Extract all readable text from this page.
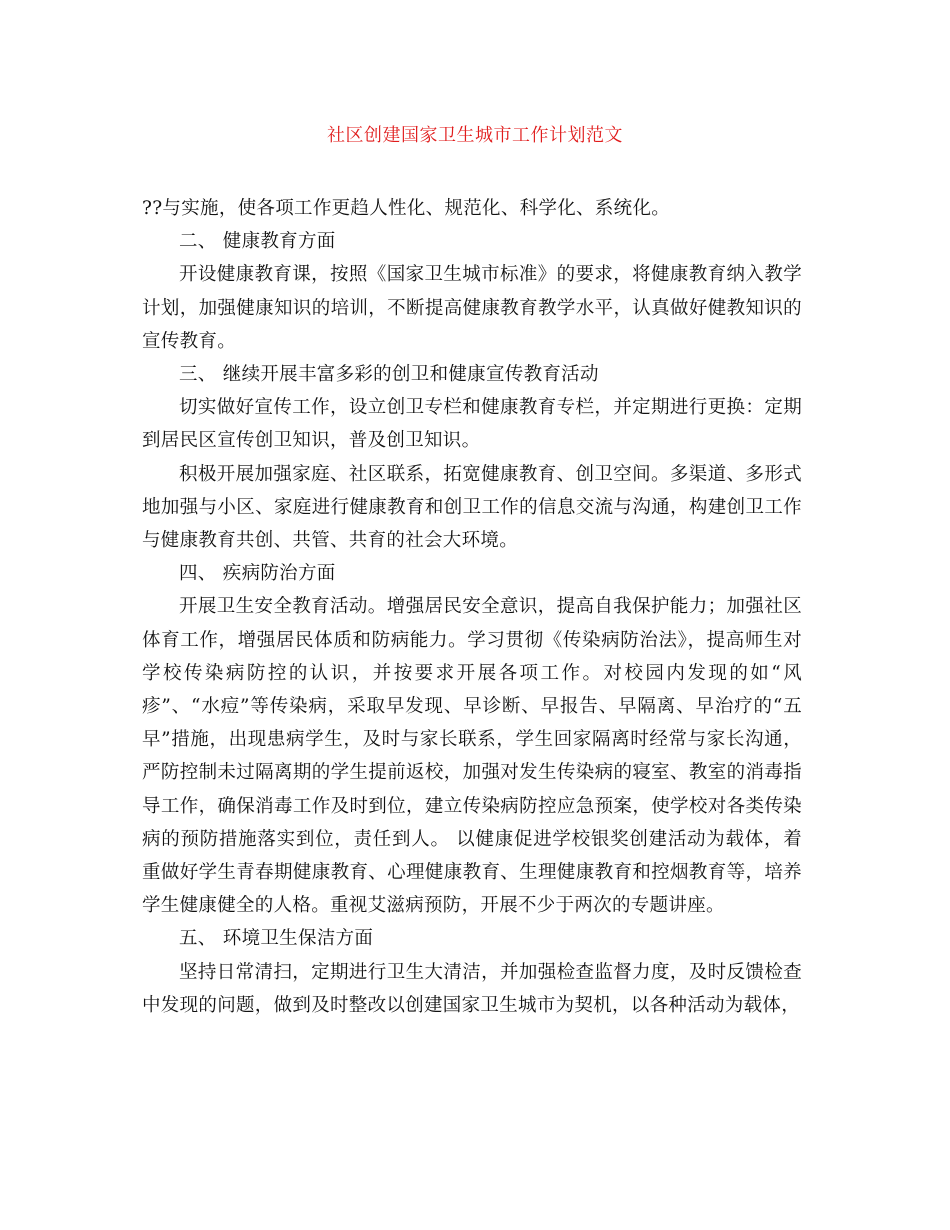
社区创建国家卫生城市工作计划范文

??与实施，使各项工作更趋人性化、规范化、科学化、系统化。

二、 健康教育方面

开设健康教育课，按照《国家卫生城市标准》的要求，将健康教育纳入教学计划，加强健康知识的培训，不断提高健康教育教学水平，认真做好健教知识的宣传教育。

三、 继续开展丰富多彩的创卫和健康宣传教育活动

切实做好宣传工作，设立创卫专栏和健康教育专栏，并定期进行更换：定期到居民区宣传创卫知识，普及创卫知识。

积极开展加强家庭、社区联系，拓宽健康教育、创卫空间。多渠道、多形式地加强与小区、家庭进行健康教育和创卫工作的信息交流与沟通，构建创卫工作与健康教育共创、共管、共育的社会大环境。

四、 疾病防治方面

开展卫生安全教育活动。增强居民安全意识，提高自我保护能力；加强社区体育工作，增强居民体质和防病能力。学习贯彻《传染病防治法》，提高师生对学校传染病防控的认识，并按要求开展各项工作。对校园内发现的如“风疹”、“水痘”等传染病，采取早发现、早诊断、早报告、早隔离、早治疗的“五早”措施，出现患病学生，及时与家长联系，学生回家隔离时经常与家长沟通，严防控制未过隔离期的学生提前返校，加强对发生传染病的寝室、教室的消毒指导工作，确保消毒工作及时到位，建立传染病防控应急预案，使学校对各类传染病的预防措施落实到位，责任到人。 以健康促进学校银奖创建活动为载体，着重做好学生青春期健康教育、心理健康教育、生理健康教育和控烟教育等，培养学生健康健全的人格。重视艾滋病预防，开展不少于两次的专题讲座。

五、 环境卫生保洁方面

坚持日常清扫，定期进行卫生大清洁，并加强检查监督力度，及时反馈检查中发现的问题，做到及时整改以创建国家卫生城市为契机，以各种活动为载体，
